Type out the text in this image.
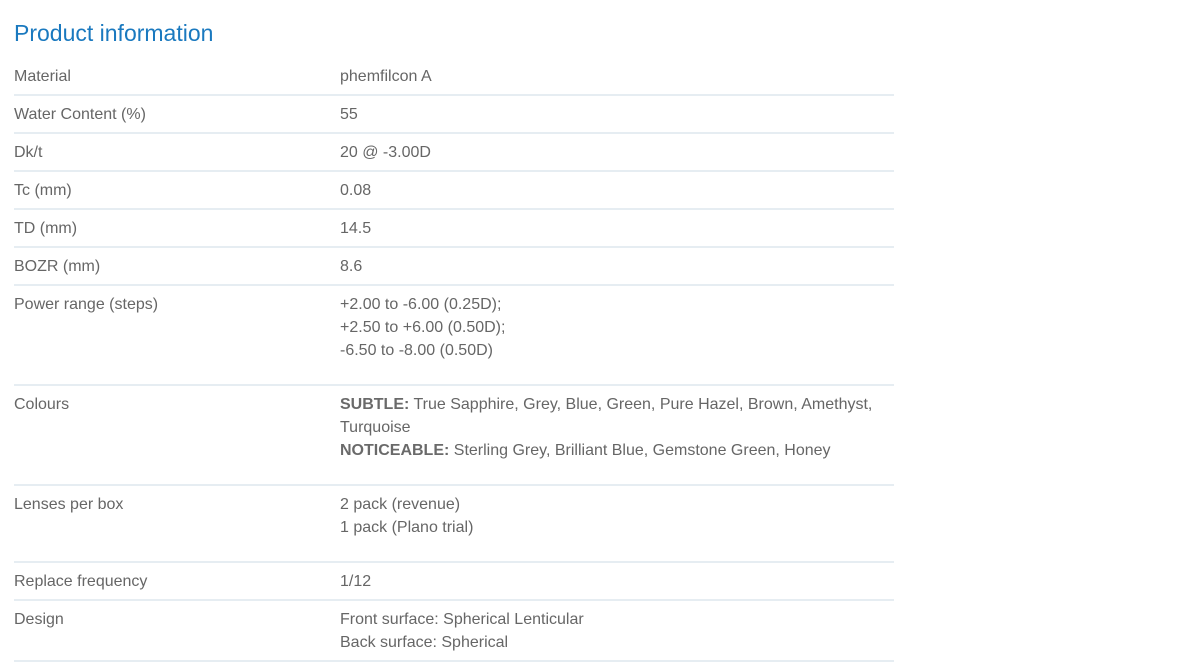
Product information
Material	phemfilcon A
Water Content (%)	55
Dk/t	20 @ -3.00D
Tc (mm)	0.08
TD (mm)	14.5
BOZR (mm)	8.6
Power range (steps)	+2.00 to -6.00 (0.25D);
+2.50 to +6.00 (0.50D);
-6.50 to -8.00 (0.50D)

Colours	SUBTLE: True Sapphire, Grey, Blue, Green, Pure Hazel, Brown, Amethyst, Turquoise
NOTICEABLE: Sterling Grey, Brilliant Blue, Gemstone Green, Honey

Lenses per box	2 pack (revenue)
1 pack (Plano trial)

Replace frequency	1/12
Design	Front surface: Spherical Lenticular
Back surface: Spherical
